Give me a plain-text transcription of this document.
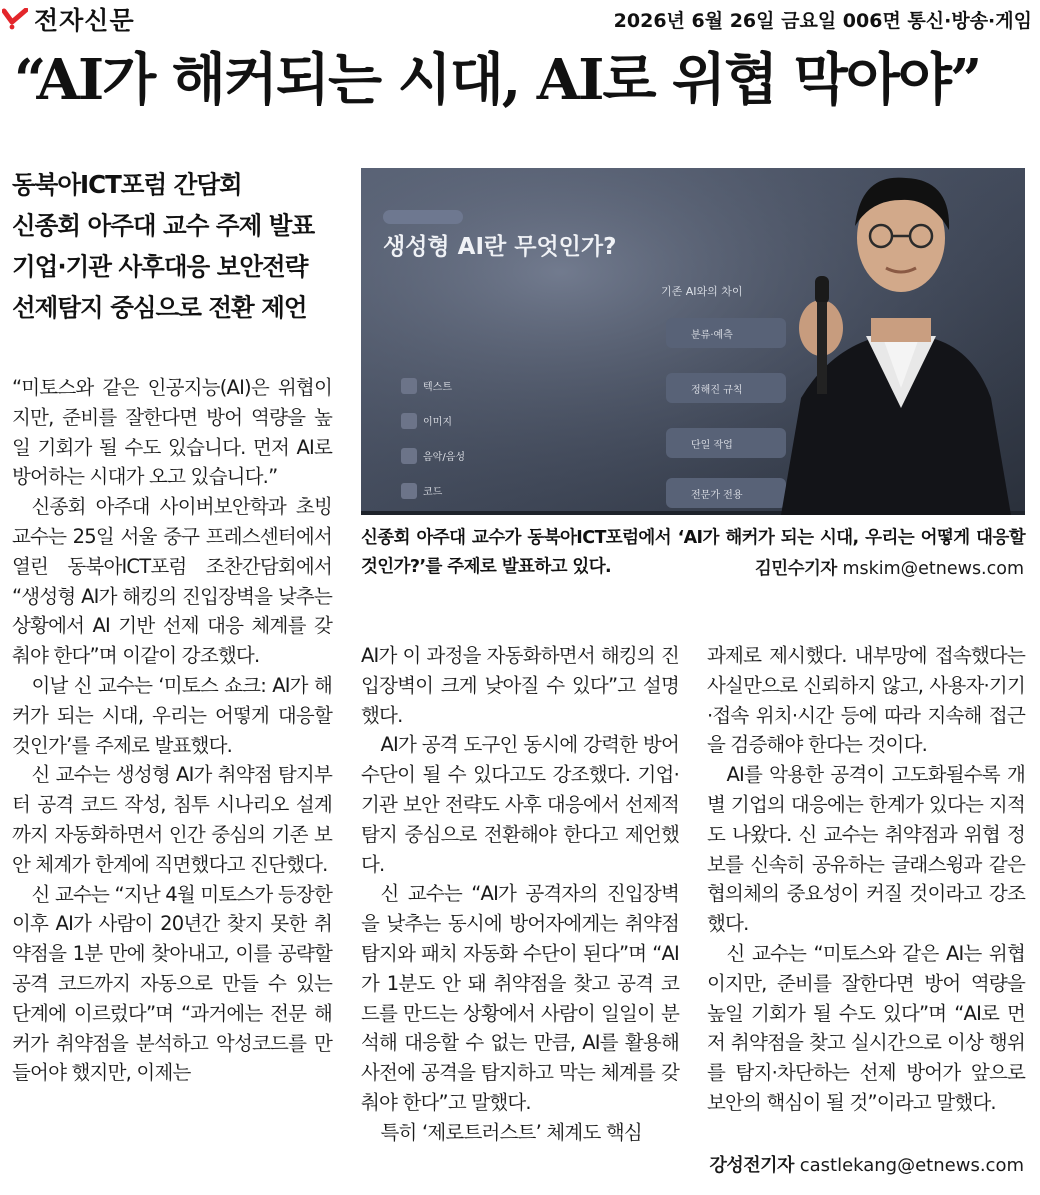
전자신문	2026년 6월 26일 금요일 006면 통신·방송·게임
“AI가 해커되는 시대, AI로 위협 막아야”
동북아ICT포럼 간담회
신종회 아주대 교수 주제 발표
기업·기관 사후대응 보안전략
선제탐지 중심으로 전환 제언

“미토스와 같은 인공지능(AI)은 위협이지만, 준비를 잘한다면 방어 역량을 높일 기회가 될 수도 있습니다. 먼저 AI로 방어하는 시대가 오고 있습니다.”

신종회 아주대 사이버보안학과 초빙교수는 25일 서울 중구 프레스센터에서 열린 동북아ICT포럼 조찬간담회에서 “생성형 AI가 해킹의 진입장벽을 낮추는 상황에서 AI 기반 선제 대응 체계를 갖춰야 한다”며 이같이 강조했다.

이날 신 교수는 ‘미토스 쇼크: AI가 해커가 되는 시대, 우리는 어떻게 대응할 것인가’를 주제로 발표했다.

신 교수는 생성형 AI가 취약점 탐지부터 공격 코드 작성, 침투 시나리오 설계까지 자동화하면서 인간 중심의 기존 보안 체계가 한계에 직면했다고 진단했다.

신 교수는 “지난 4월 미토스가 등장한 이후 AI가 사람이 20년간 찾지 못한 취약점을 1분 만에 찾아내고, 이를 공략할 공격 코드까지 자동으로 만들 수 있는 단계에 이르렀다”며 “과거에는 전문 해커가 취약점을 분석하고 악성코드를 만들어야 했지만, 이제는

생성형 AI란 무엇인가?
기존 AI와의 차이
텍스트
이미지
음악/음성
코드
분류·예측
정해진 규칙
단일 작업
전문가 전용

신종회 아주대 교수가 동북아ICT포럼에서 ‘AI가 해커가 되는 시대, 우리는 어떻게 대응할 것인가?’를 주제로 발표하고 있다.	김민수기자 mskim@etnews.com

AI가 이 과정을 자동화하면서 해킹의 진입장벽이 크게 낮아질 수 있다”고 설명했다.

AI가 공격 도구인 동시에 강력한 방어 수단이 될 수 있다고도 강조했다. 기업·기관 보안 전략도 사후 대응에서 선제적 탐지 중심으로 전환해야 한다고 제언했다.

신 교수는 “AI가 공격자의 진입장벽을 낮추는 동시에 방어자에게는 취약점 탐지와 패치 자동화 수단이 된다”며 “AI가 1분도 안 돼 취약점을 찾고 공격 코드를 만드는 상황에서 사람이 일일이 분석해 대응할 수 없는 만큼, AI를 활용해 사전에 공격을 탐지하고 막는 체계를 갖춰야 한다”고 말했다.

특히 ‘제로트러스트’ 체계도 핵심

과제로 제시했다. 내부망에 접속했다는 사실만으로 신뢰하지 않고, 사용자·기기·접속 위치·시간 등에 따라 지속해 접근을 검증해야 한다는 것이다.

AI를 악용한 공격이 고도화될수록 개별 기업의 대응에는 한계가 있다는 지적도 나왔다. 신 교수는 취약점과 위협 정보를 신속히 공유하는 글래스윙과 같은 협의체의 중요성이 커질 것이라고 강조했다.

신 교수는 “미토스와 같은 AI는 위협이지만, 준비를 잘한다면 방어 역량을 높일 기회가 될 수도 있다”며 “AI로 먼저 취약점을 찾고 실시간으로 이상 행위를 탐지·차단하는 선제 방어가 앞으로 보안의 핵심이 될 것”이라고 말했다.

강성전기자 castlekang@etnews.com
